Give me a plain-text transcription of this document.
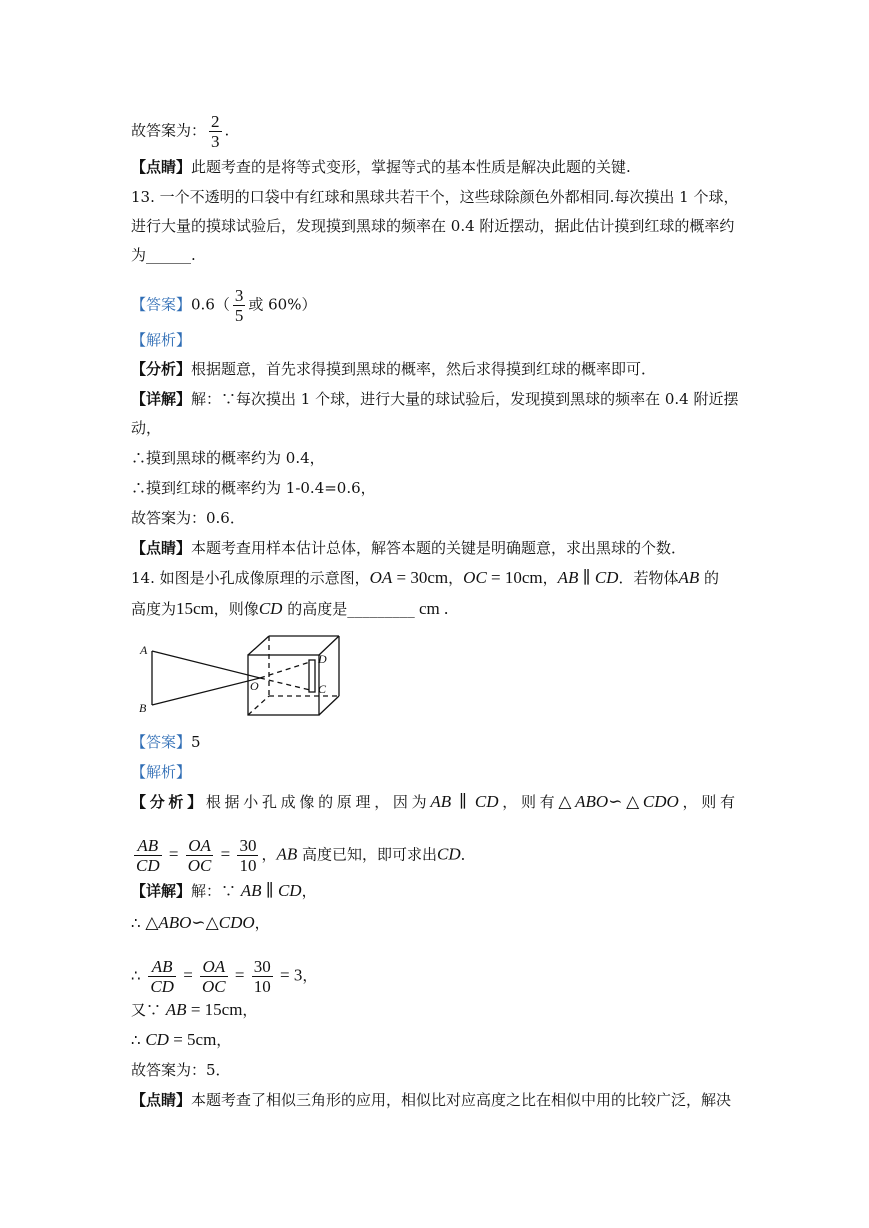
故答案为： $\frac{2}{3}$ .
【点睛】此题考查的是将等式变形，掌握等式的基本性质是解决此题的关键.
13. 一个不透明的口袋中有红球和黑球共若干个，这些球除颜色外都相同.每次摸出 1 个球，
进行大量的摸球试验后，发现摸到黑球的频率在 0.4 附近摆动，据此估计摸到红球的概率约
为______.
【答案】$0.6( \frac{3}{5}$ 或 60%）
【解析】
【分析】根据题意，首先求得摸到黑球的概率，然后求得摸到红球的概率即可．
【详解】解：∵每次摸出 1 个球，进行大量的球试验后，发现摸到黑球的频率在 0.4 附近摆
动，
∴摸到黑球的概率约为 0.4，
∴摸到红球的概率约为 1-0.4=0.6，
故答案为：0.6．
【点睛】本题考查用样本估计总体，解答本题的关键是明确题意，求出黑球的个数．
14. 如图是小孔成像原理的示意图，OA = 30cm，OC = 10cm，AB ∥ CD．若物体AB 的
高度为15cm，则像CD 的高度是_________ cm .
A
B
O
D
C
【答案】5
【解析】
【分析】根据小孔成像的原理，因为AB ∥ CD，则有△ABO∽△CDO，则有
$\frac{AB}{CD} = \frac{OA}{OC} = \frac{30}{10}$ ，AB 高度已知，即可求出CD．
【详解】解：∵ AB ∥ CD，
∴ △ABO∽△CDO，
∴ $\frac{AB}{CD} = \frac{OA}{OC} = \frac{30}{10} = 3$，
又∵ AB = 15cm，
∴ CD = 5cm，
故答案为：5．
【点睛】本题考查了相似三角形的应用，相似比对应高度之比在相似中用的比较广泛，解决
